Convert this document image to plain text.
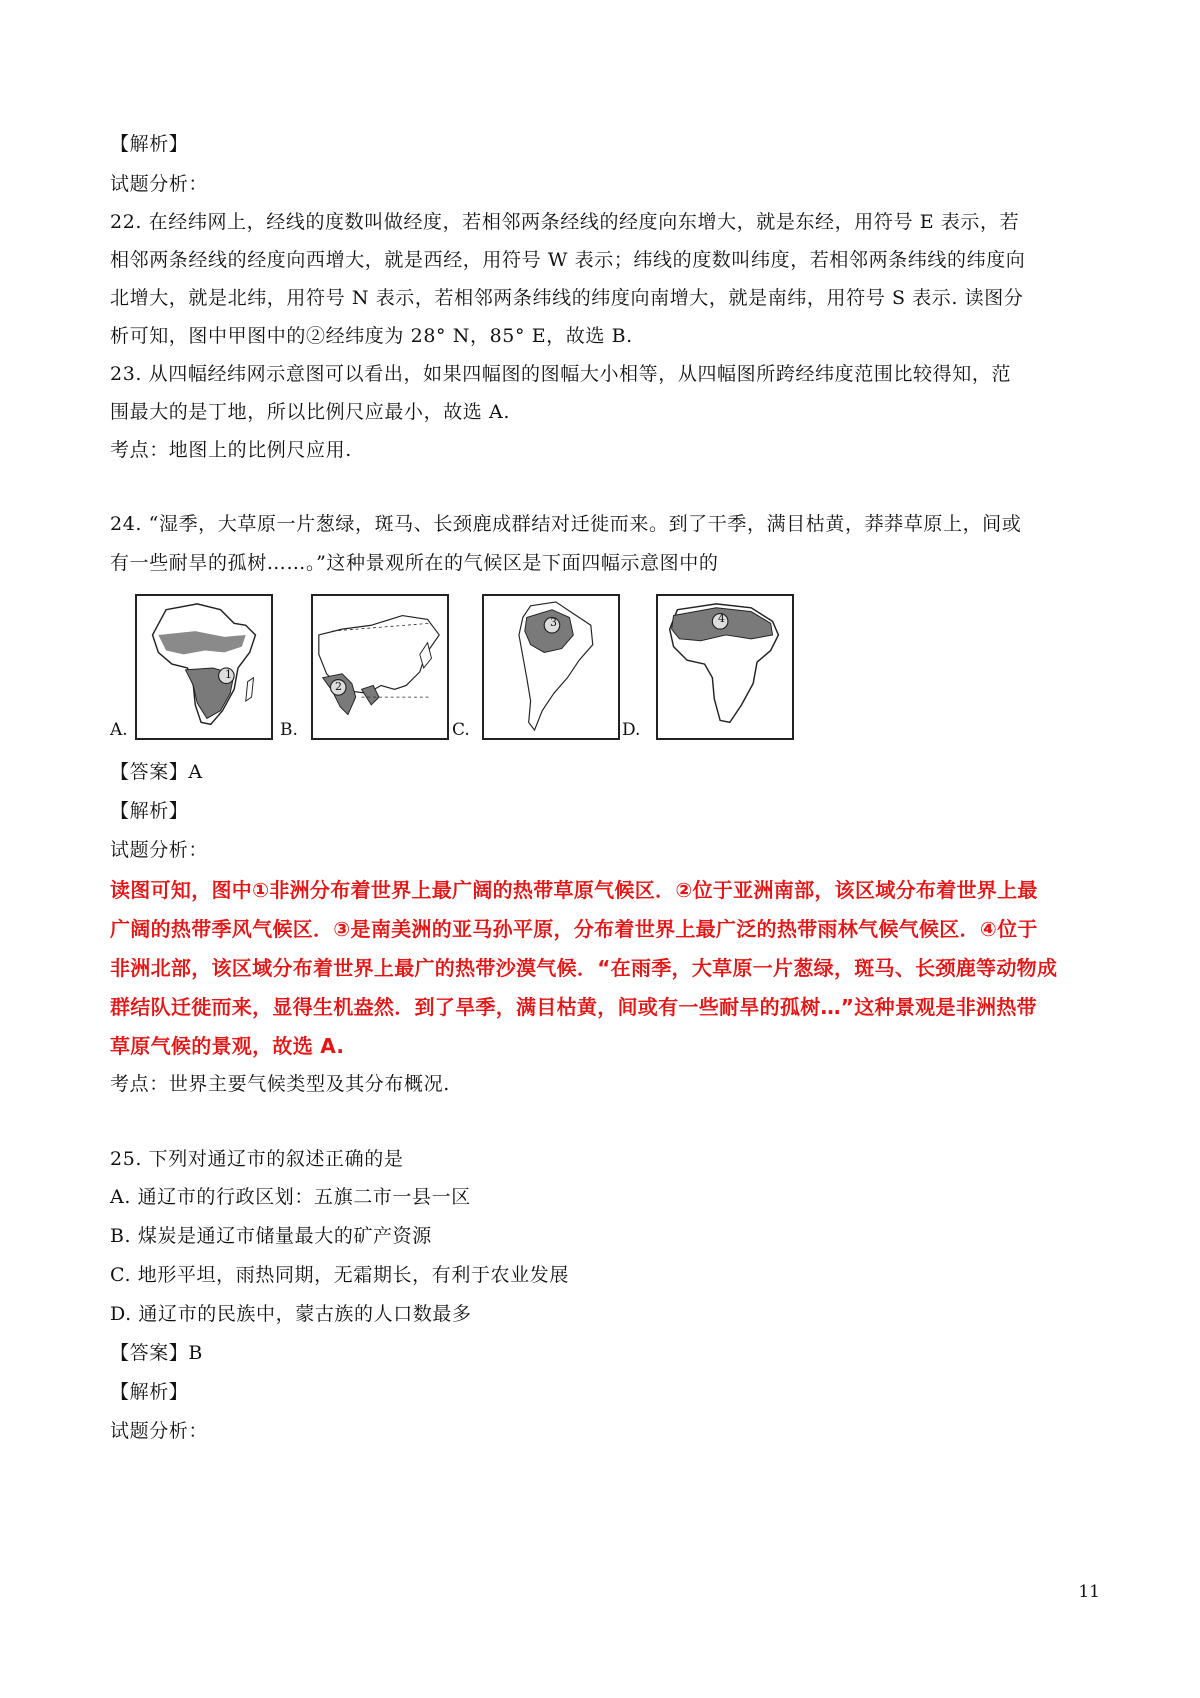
【解析】
试题分析：
22. 在经纬网上，经线的度数叫做经度，若相邻两条经线的经度向东增大，就是东经，用符号 E 表示，若
相邻两条经线的经度向西增大，就是西经，用符号 W 表示；纬线的度数叫纬度，若相邻两条纬线的纬度向
北增大，就是北纬，用符号 N 表示，若相邻两条纬线的纬度向南增大，就是南纬，用符号 S 表示. 读图分
析可知，图中甲图中的②经纬度为 28° N，85° E，故选 B.
23. 从四幅经纬网示意图可以看出，如果四幅图的图幅大小相等，从四幅图所跨经纬度范围比较得知，范
围最大的是丁地，所以比例尺应最小，故选 A.
考点：地图上的比例尺应用.
24. “湿季，大草原一片葱绿，斑马、长颈鹿成群结对迁徙而来。到了干季，满目枯黄，莽莽草原上，间或
有一些耐旱的孤树……。”这种景观所在的气候区是下面四幅示意图中的
1
A.
2
B.
3
C.
4
D.
【答案】A
【解析】
试题分析：
读图可知，图中①非洲分布着世界上最广阔的热带草原气候区．②位于亚洲南部，该区域分布着世界上最
广阔的热带季风气候区．③是南美洲的亚马孙平原，分布着世界上最广泛的热带雨林气候气候区．④位于
非洲北部，该区域分布着世界上最广的热带沙漠气候．“在雨季，大草原一片葱绿，斑马、长颈鹿等动物成
群结队迁徙而来，显得生机盎然．到了旱季，满目枯黄，间或有一些耐旱的孤树…”这种景观是非洲热带
草原气候的景观，故选 A.
考点：世界主要气候类型及其分布概况.
25. 下列对通辽市的叙述正确的是
A. 通辽市的行政区划：五旗二市一县一区
B. 煤炭是通辽市储量最大的矿产资源
C. 地形平坦，雨热同期，无霜期长，有利于农业发展
D. 通辽市的民族中，蒙古族的人口数最多
【答案】B
【解析】
试题分析：
11
